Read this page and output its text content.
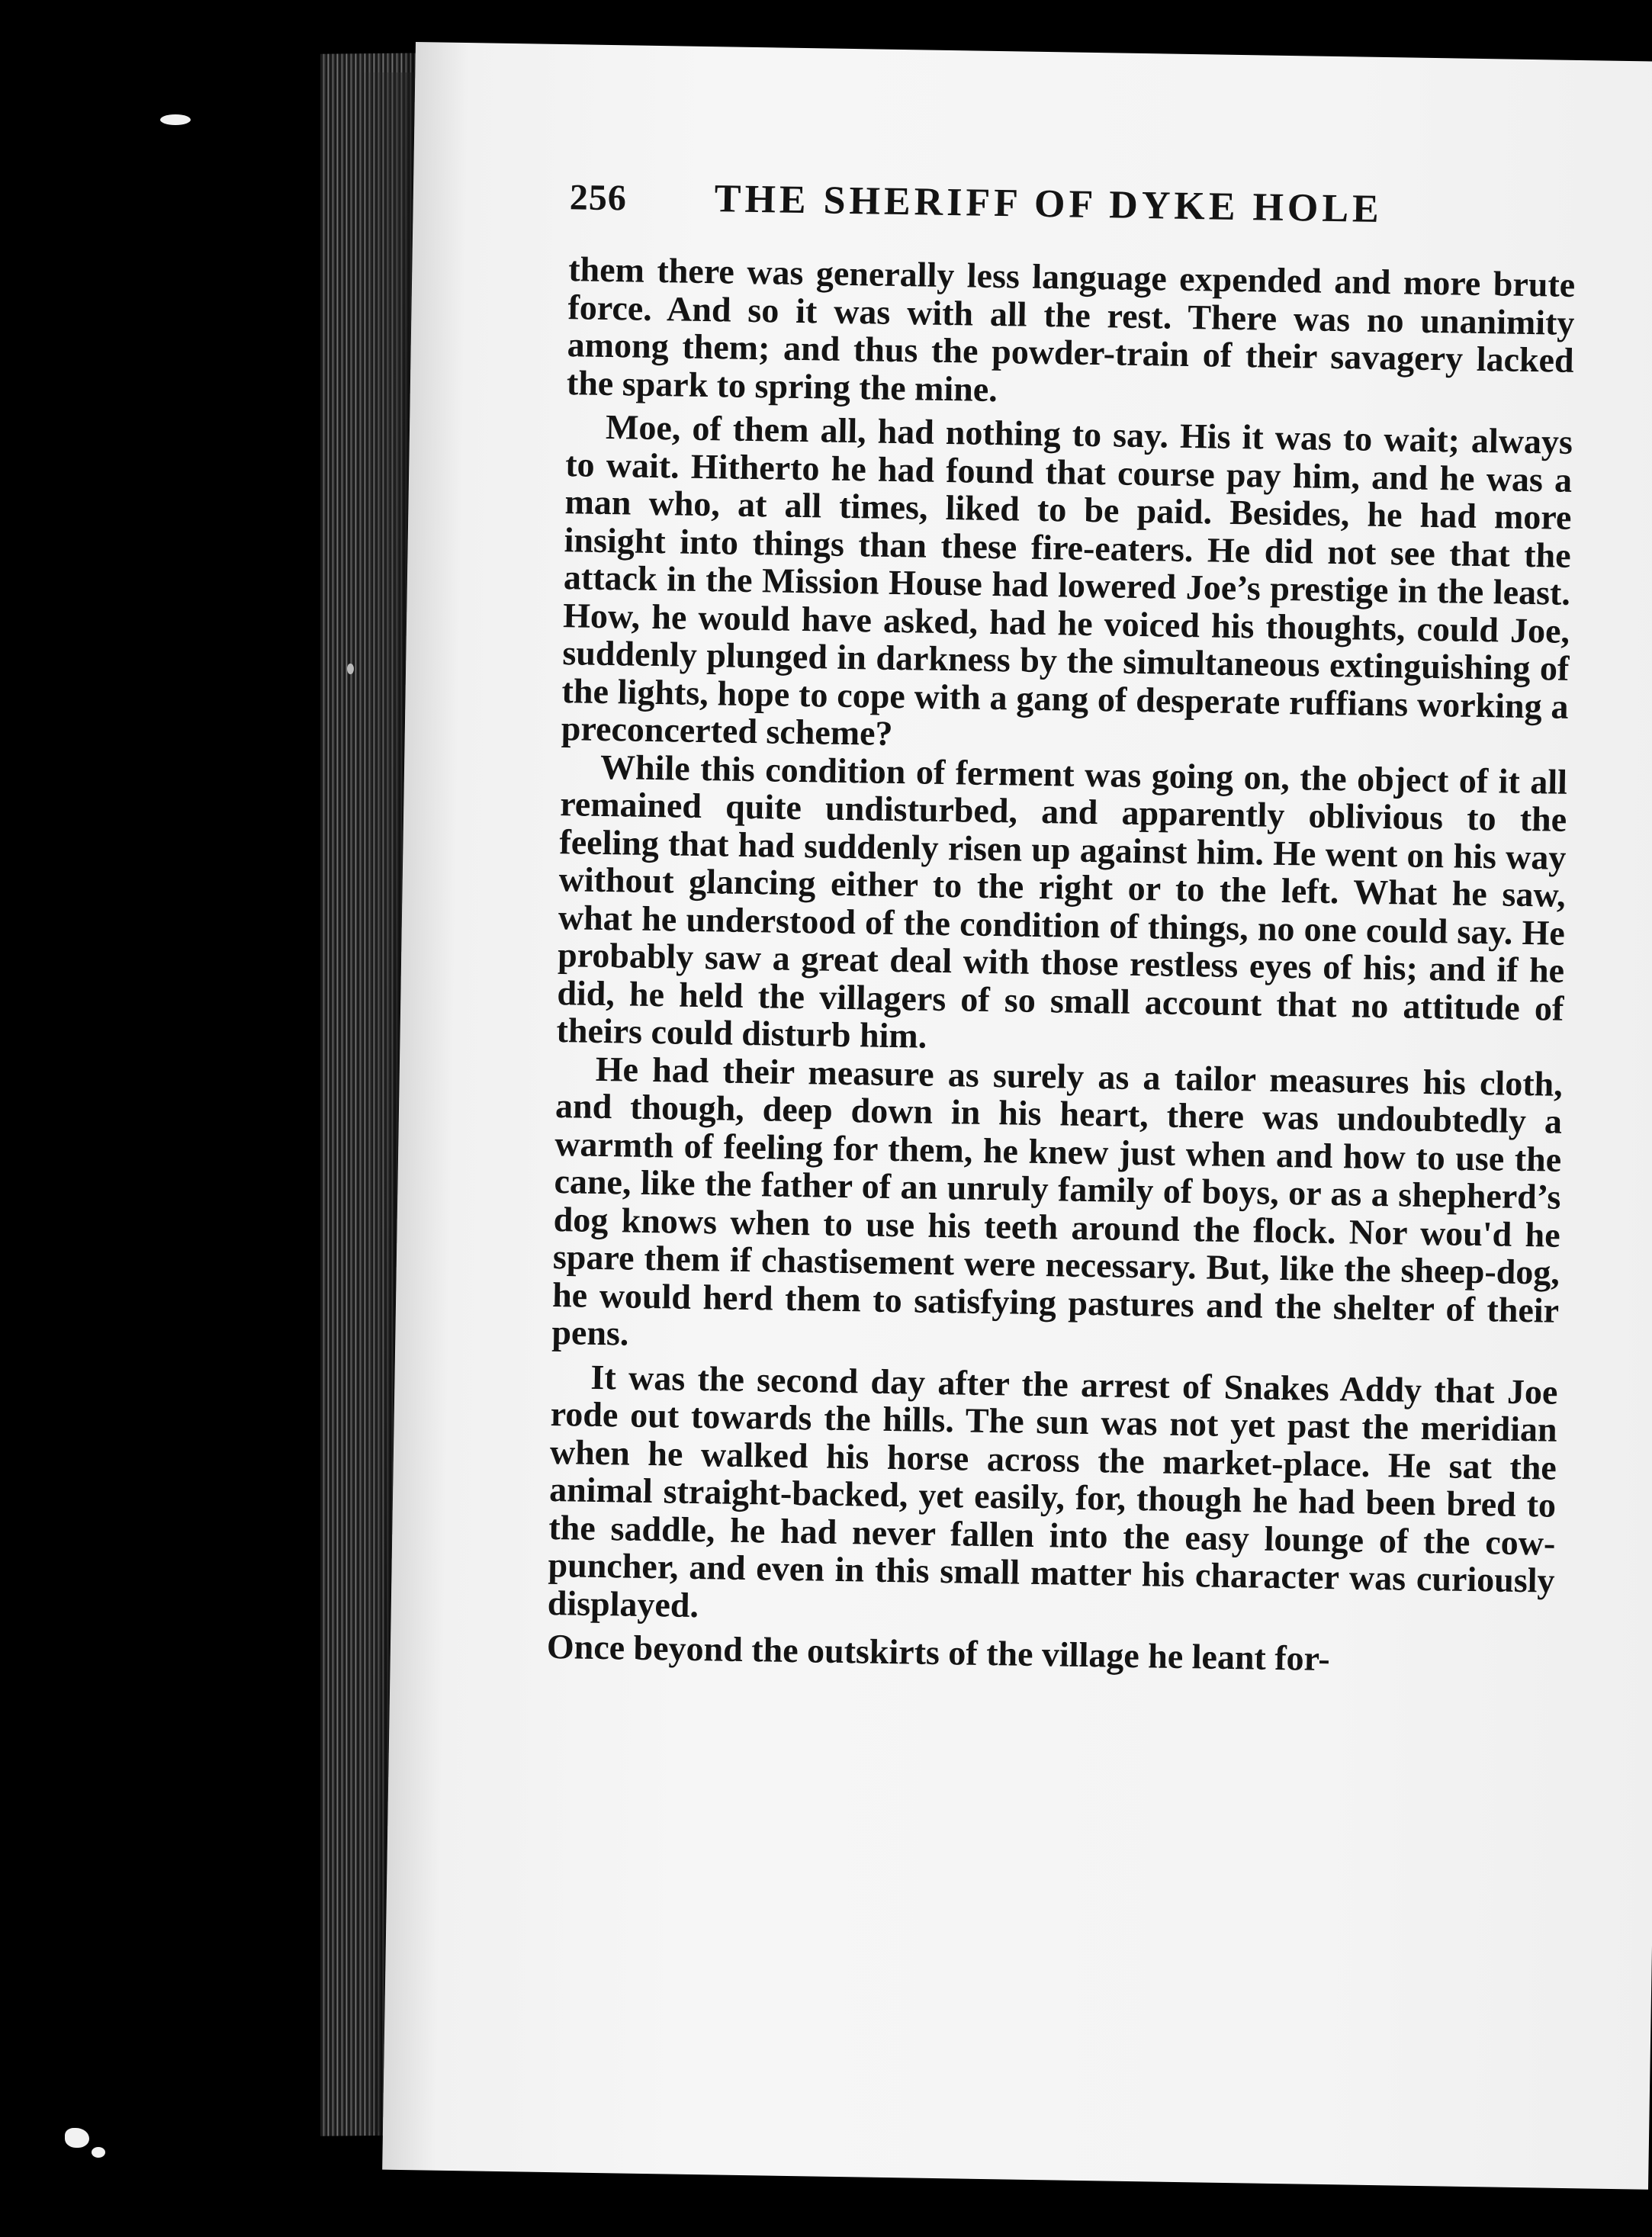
256	THE SHERIFF OF DYKE HOLE

them there was generally less language expended and more brute force. And so it was with all the rest. There was no unanimity among them; and thus the powder-train of their savagery lacked the spark to spring the mine.

Moe, of them all, had nothing to say. His it was to wait; always to wait. Hitherto he had found that course pay him, and he was a man who, at all times, liked to be paid. Besides, he had more insight into things than these fire-eaters. He did not see that the attack in the Mission House had lowered Joe’s prestige in the least. How, he would have asked, had he voiced his thoughts, could Joe, suddenly plunged in darkness by the simultaneous extinguishing of the lights, hope to cope with a gang of desperate ruffians working a preconcerted scheme?

While this condition of ferment was going on, the object of it all remained quite undisturbed, and apparently oblivious to the feeling that had suddenly risen up against him. He went on his way without glancing either to the right or to the left. What he saw, what he understood of the condition of things, no one could say. He probably saw a great deal with those restless eyes of his; and if he did, he held the villagers of so small account that no attitude of theirs could disturb him.

He had their measure as surely as a tailor measures his cloth, and though, deep down in his heart, there was undoubtedly a warmth of feeling for them, he knew just when and how to use the cane, like the father of an unruly family of boys, or as a shepherd’s dog knows when to use his teeth around the flock. Nor wou'd he spare them if chastisement were necessary. But, like the sheep-dog, he would herd them to satisfying pastures and the shelter of their pens.

It was the second day after the arrest of Snakes Addy that Joe rode out towards the hills. The sun was not yet past the meridian when he walked his horse across the market-place. He sat the animal straight-backed, yet easily, for, though he had been bred to the saddle, he had never fallen into the easy lounge of the cow-puncher, and even in this small matter his character was curiously displayed.

Once beyond the outskirts of the village he leant for-
